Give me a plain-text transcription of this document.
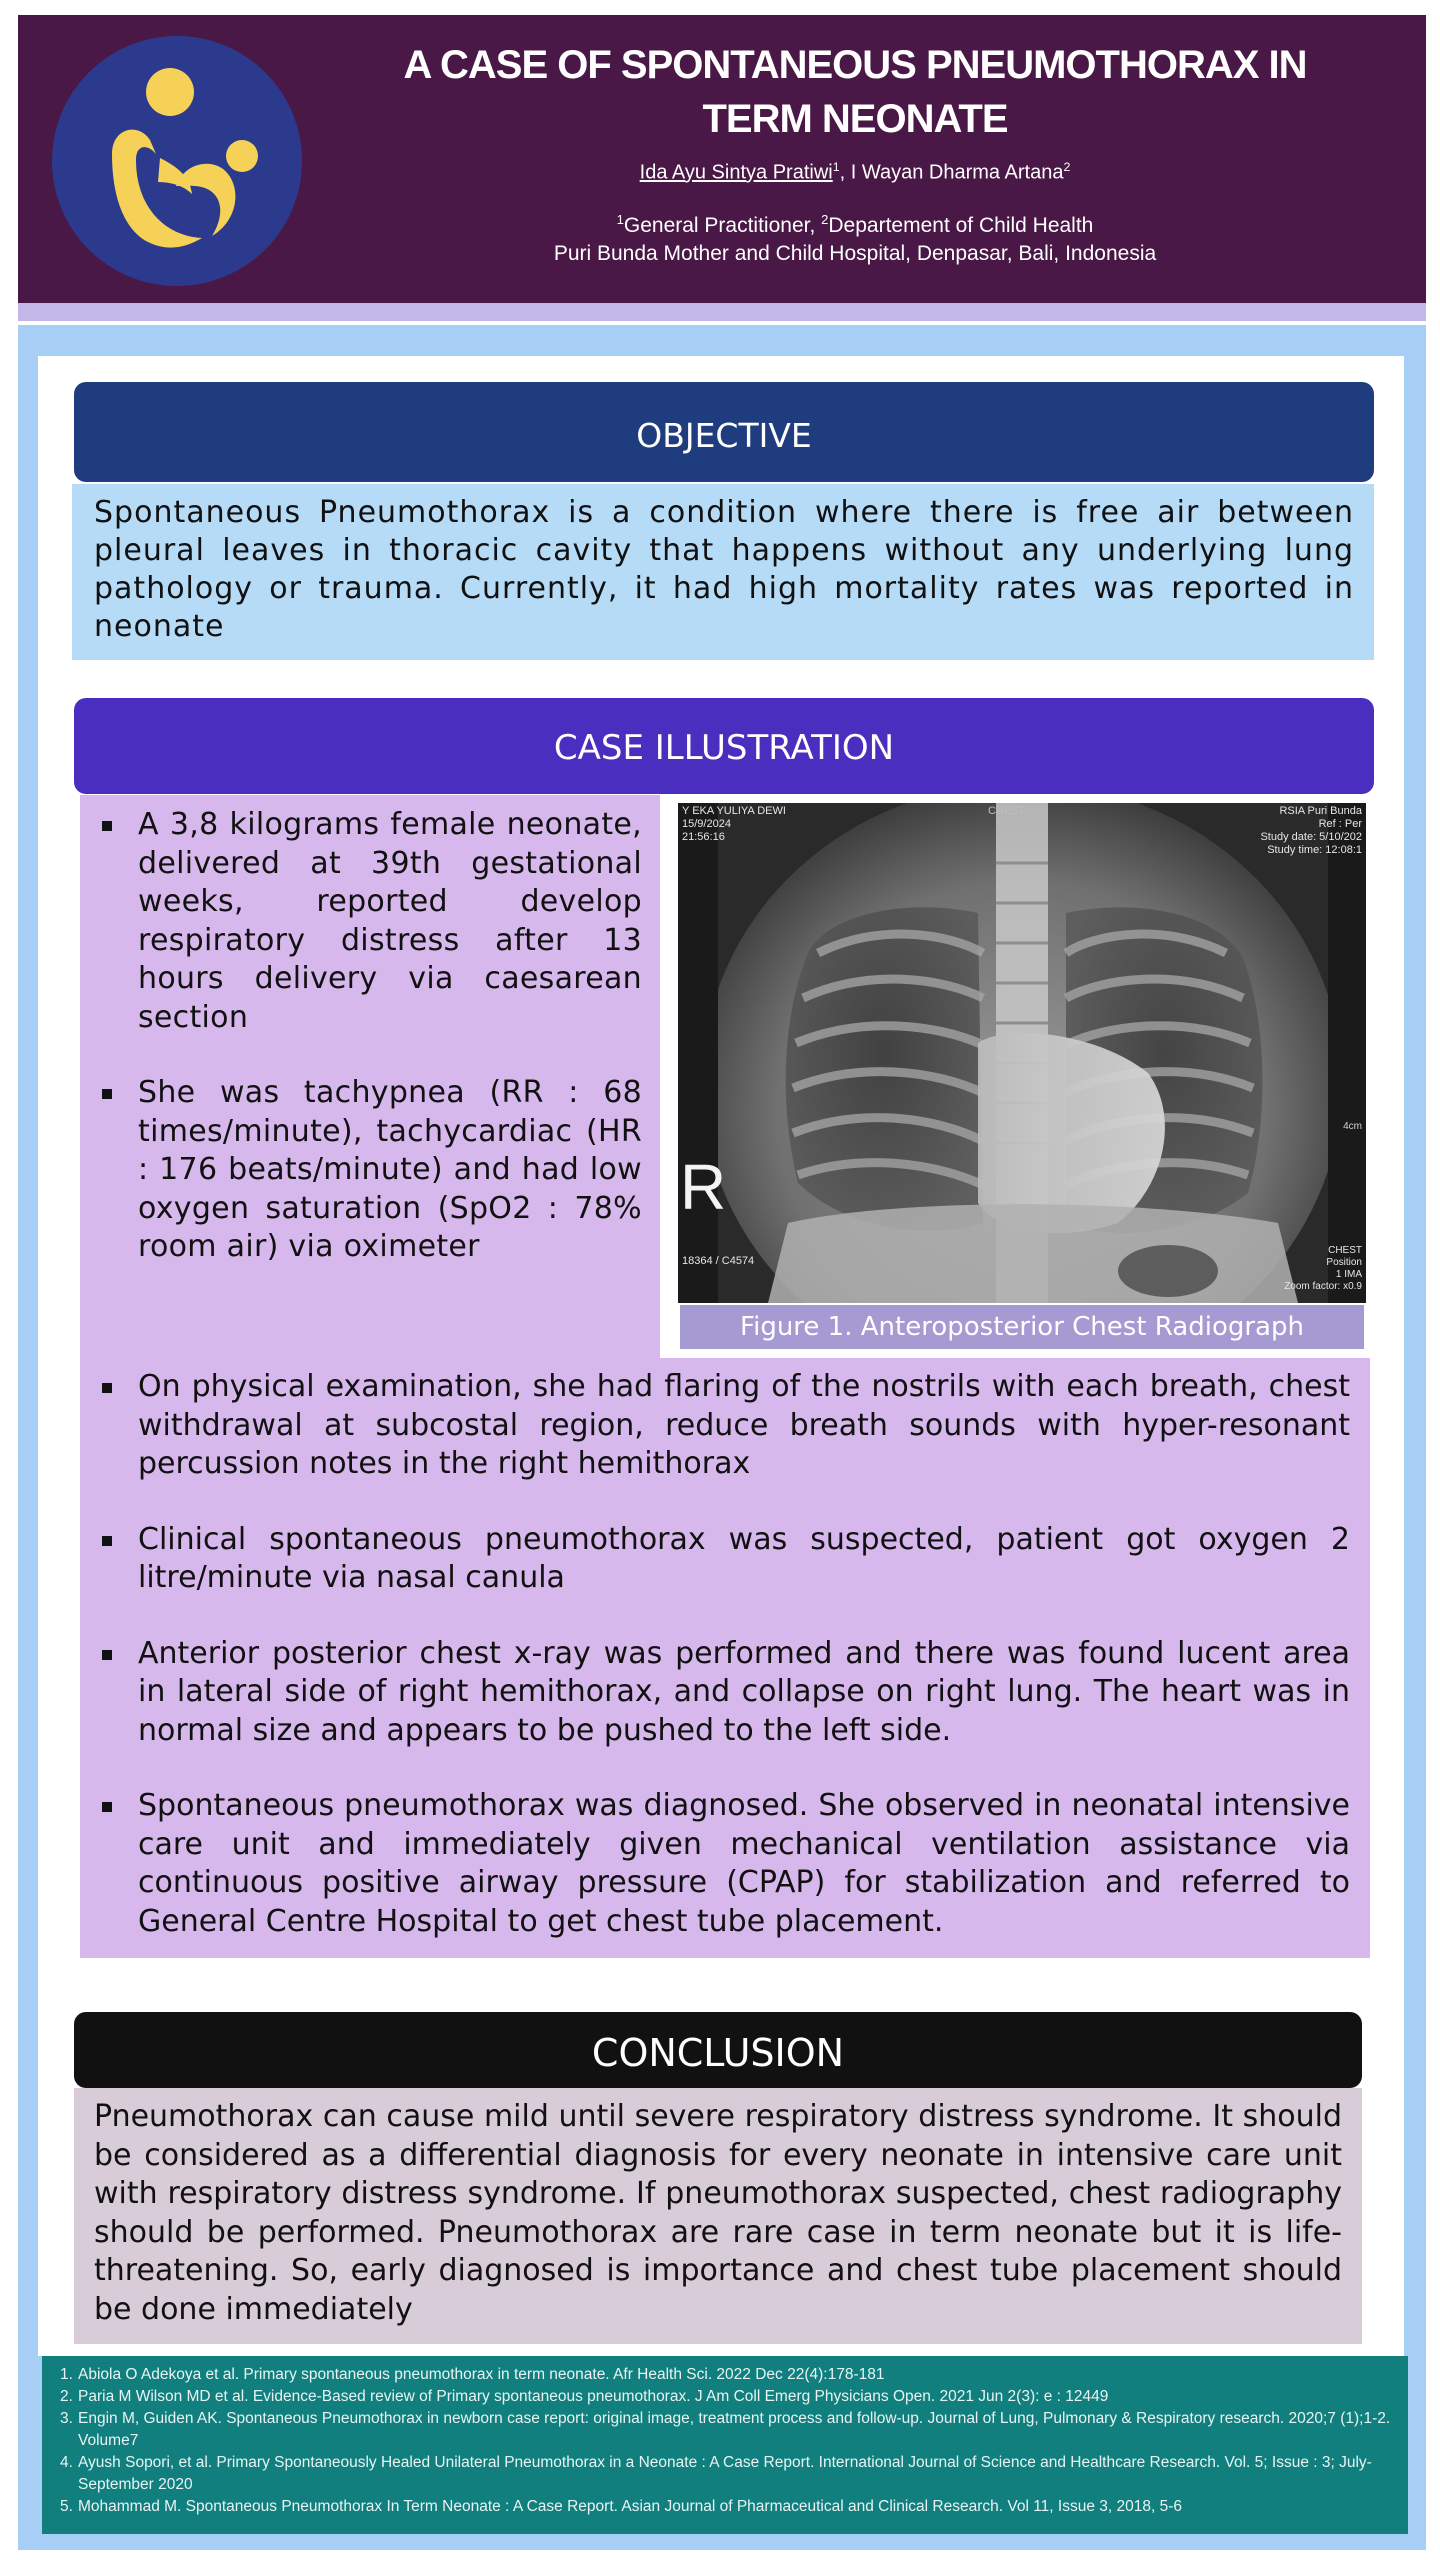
A CASE OF SPONTANEOUS PNEUMOTHORAX IN
TERM NEONATE
Ida Ayu Sintya Pratiwi$^1$, I Wayan Dharma Artana$^2$
$^1$General Practitioner, $^2$Departement of Child Health
Puri Bunda Mother and Child Hospital, Denpasar, Bali, Indonesia
OBJECTIVE
Spontaneous Pneumothorax is a condition where there is free air between pleural leaves in thoracic cavity that happens without any underlying lung pathology or trauma. Currently, it had high mortality rates was reported in neonate
CASE ILLUSTRATION
Y EKA YULIYA DEWI
15/9/2024
21:56:16
CHEST	RSIA Puri Bunda
Ref : Per
Study date: 5/10/202
Study time: 12:08:1
4cm
R
18364 / C4574
CHEST
Position
1 IMA
Zoom factor: x0.9
Figure 1. Anteroposterior Chest Radiograph
A 3,8 kilograms female neonate, delivered at 39th gestational weeks, reported develop respiratory distress after 13 hours delivery via caesarean section
She was tachypnea (RR : 68 times/minute), tachycardiac (HR : 176 beats/minute) and had low oxygen saturation (SpO2 : 78% room air) via oximeter
On physical examination, she had flaring of the nostrils with each breath, chest withdrawal at subcostal region, reduce breath sounds with hyper-resonant percussion notes in the right hemithorax
Clinical spontaneous pneumothorax was suspected, patient got oxygen 2 litre/minute via nasal canula
Anterior posterior chest x-ray was performed and there was found lucent area in lateral side of right hemithorax, and collapse on right lung. The heart was in normal size and appears to be pushed to the left side.
Spontaneous pneumothorax was diagnosed. She observed in neonatal intensive care unit and immediately given mechanical ventilation assistance via continuous positive airway pressure (CPAP) for stabilization and referred to General Centre Hospital to get chest tube placement.
CONCLUSION
Pneumothorax can cause mild until severe respiratory distress syndrome. It should be considered as a differential diagnosis for every neonate in intensive care unit with respiratory distress syndrome. If pneumothorax suspected, chest radiography should be performed. Pneumothorax are rare case in term neonate but it is life-threatening. So, early diagnosed is importance and chest tube placement should be done immediately
1. Abiola O Adekoya et al. Primary spontaneous pneumothorax in term neonate. Afr Health Sci. 2022 Dec 22(4):178-181
2. Paria M Wilson MD et al. Evidence-Based review of Primary spontaneous pneumothorax. J Am Coll Emerg Physicians Open. 2021 Jun 2(3): e : 12449
3. Engin M, Guiden AK. Spontaneous Pneumothorax in newborn case report: original image, treatment process and follow-up. Journal of Lung, Pulmonary & Respiratory research. 2020;7 (1);1-2. Volume7
4. Ayush Sopori, et al. Primary Spontaneously Healed Unilateral Pneumothorax in a Neonate : A Case Report. International Journal of Science and Healthcare Research. Vol. 5; Issue : 3; July-September 2020
5. Mohammad M. Spontaneous Pneumothorax In Term Neonate : A Case Report. Asian Journal of Pharmaceutical and Clinical Research. Vol 11, Issue 3, 2018, 5-6
